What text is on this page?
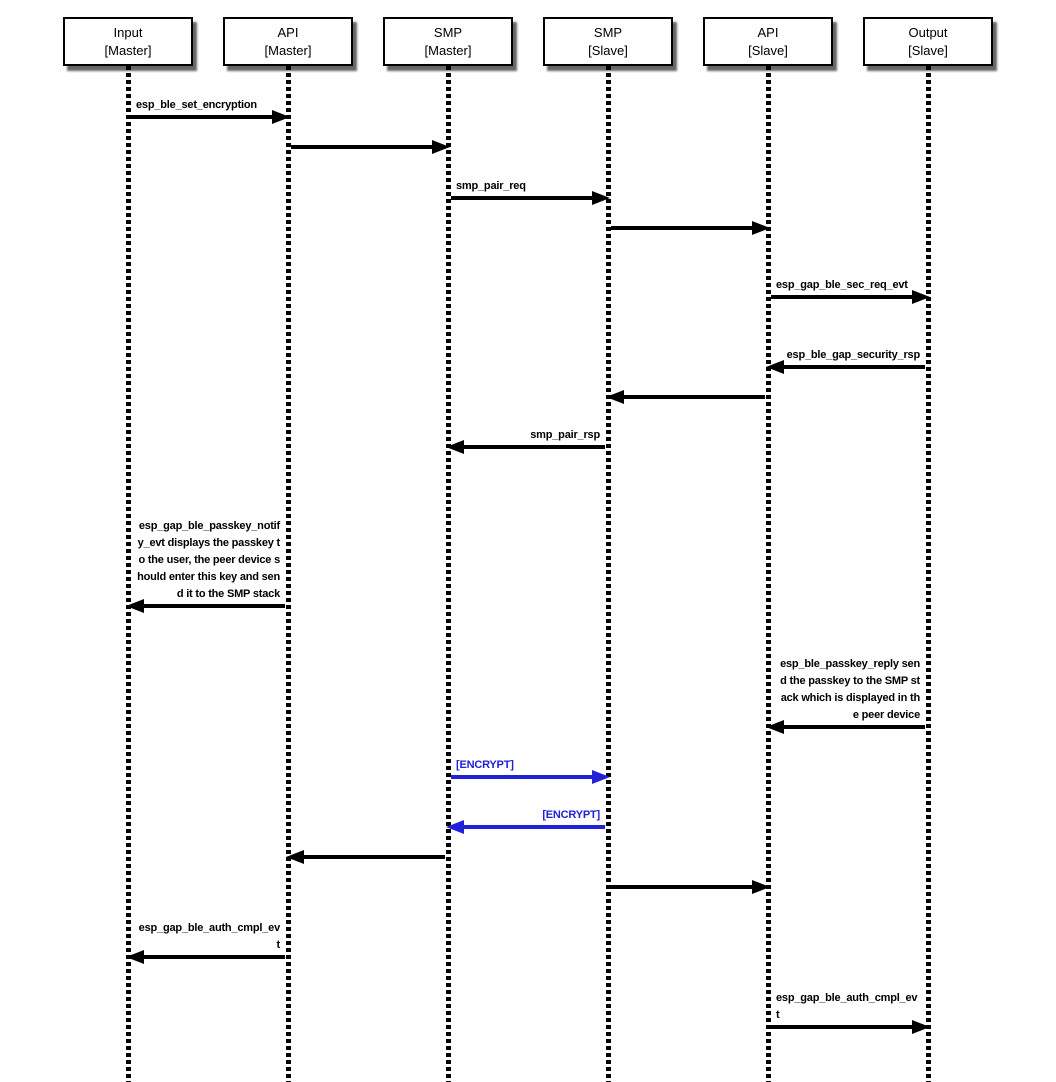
Input
[Master]
API
[Master]
SMP
[Master]
SMP
[Slave]
API
[Slave]
Output
[Slave]
esp_ble_set_encryption
smp_pair_req
esp_gap_ble_sec_req_evt
esp_ble_gap_security_rsp
smp_pair_rsp
esp_gap_ble_passkey_notify_evt displays the passkey to the user, the peer device should enter this key and send it to the SMP stack
esp_ble_passkey_reply send the passkey to the SMP stack which is displayed in the peer device
[ENCRYPT]
[ENCRYPT]
esp_gap_ble_auth_cmpl_evt
esp_gap_ble_auth_cmpl_evt
